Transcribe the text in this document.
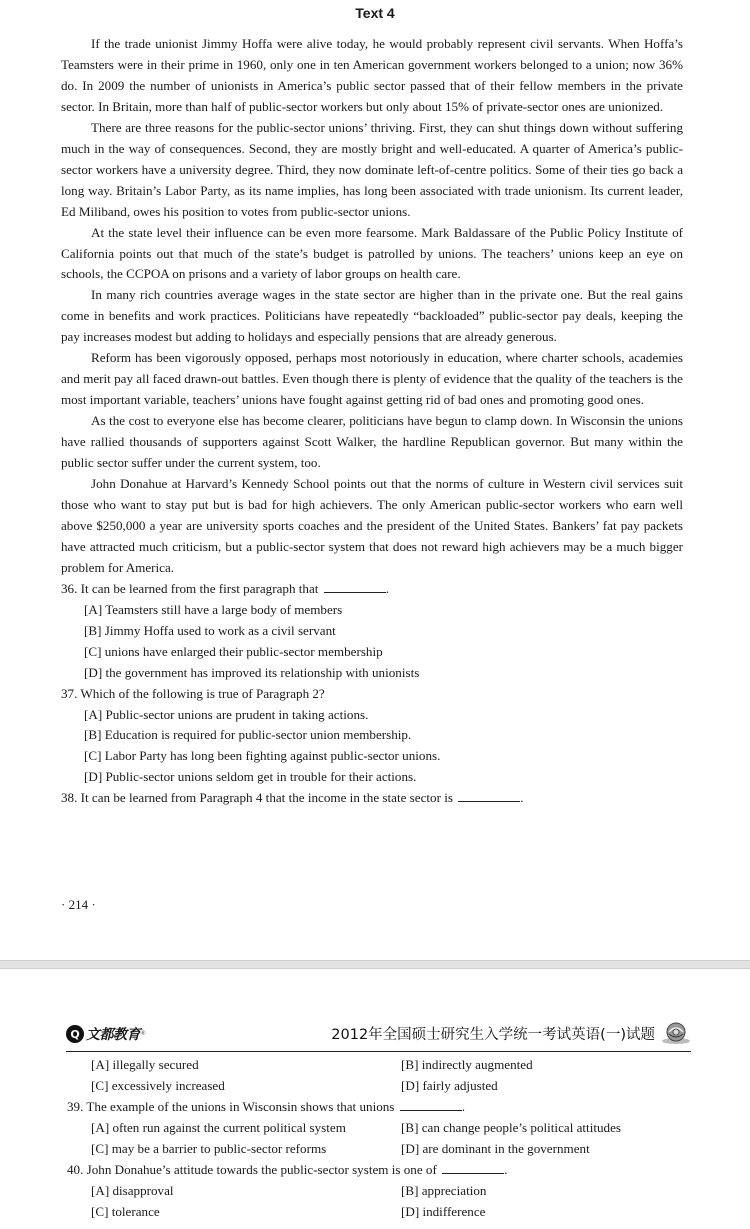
Text 4

If the trade unionist Jimmy Hoffa were alive today, he would probably represent civil servants. When Hoffa’s Teamsters were in their prime in 1960, only one in ten American government workers belonged to a union; now 36% do. In 2009 the number of unionists in America’s public sector passed that of their fellow members in the private sector. In Britain, more than half of public-sector workers but only about 15% of private-sector ones are unionized.

There are three reasons for the public-sector unions’ thriving. First, they can shut things down without suffering much in the way of consequences. Second, they are mostly bright and well-educated. A quarter of America’s public-sector workers have a university degree. Third, they now dominate left-of-centre politics. Some of their ties go back a long way. Britain’s Labor Party, as its name implies, has long been associated with trade unionism. Its current leader, Ed Miliband, owes his position to votes from public-sector unions.

At the state level their influence can be even more fearsome. Mark Baldassare of the Public Policy Institute of California points out that much of the state’s budget is patrolled by unions. The teachers’ unions keep an eye on schools, the CCPOA on prisons and a variety of labor groups on health care.

In many rich countries average wages in the state sector are higher than in the private one. But the real gains come in benefits and work practices. Politicians have repeatedly “backloaded” public-sector pay deals, keeping the pay increases modest but adding to holidays and especially pensions that are already generous.

Reform has been vigorously opposed, perhaps most notoriously in education, where charter schools, academies and merit pay all faced drawn-out battles. Even though there is plenty of evidence that the quality of the teachers is the most important variable, teachers’ unions have fought against getting rid of bad ones and promoting good ones.

As the cost to everyone else has become clearer, politicians have begun to clamp down. In Wisconsin the unions have rallied thousands of supporters against Scott Walker, the hardline Republican governor. But many within the public sector suffer under the current system, too.

John Donahue at Harvard’s Kennedy School points out that the norms of culture in Western civil services suit those who want to stay put but is bad for high achievers. The only American public-sector workers who earn well above $250,000 a year are university sports coaches and the president of the United States. Bankers’ fat pay packets have attracted much criticism, but a public-sector system that does not reward high achievers may be a much bigger problem for America.

36. It can be learned from the first paragraph that	.
[A] Teamsters still have a large body of members
[B] Jimmy Hoffa used to work as a civil servant
[C] unions have enlarged their public-sector membership
[D] the government has improved its relationship with unionists
37. Which of the following is true of Paragraph 2?
[A] Public-sector unions are prudent in taking actions.
[B] Education is required for public-sector union membership.
[C] Labor Party has long been fighting against public-sector unions.
[D] Public-sector unions seldom get in trouble for their actions.
38. It can be learned from Paragraph 4 that the income in the state sector is	.
· 214 ·
Q 文都教育 ®	2012年全国硕士研究生入学统一考试英语(一)试题
[A] illegally secured	[B] indirectly augmented
[C] excessively increased	[D] fairly adjusted
39. The example of the unions in Wisconsin shows that unions	.
[A] often run against the current political system	[B] can change people’s political attitudes
[C] may be a barrier to public-sector reforms	[D] are dominant in the government
40. John Donahue’s attitude towards the public-sector system is one of	.
[A] disapproval	[B] appreciation
[C] tolerance	[D] indifference
